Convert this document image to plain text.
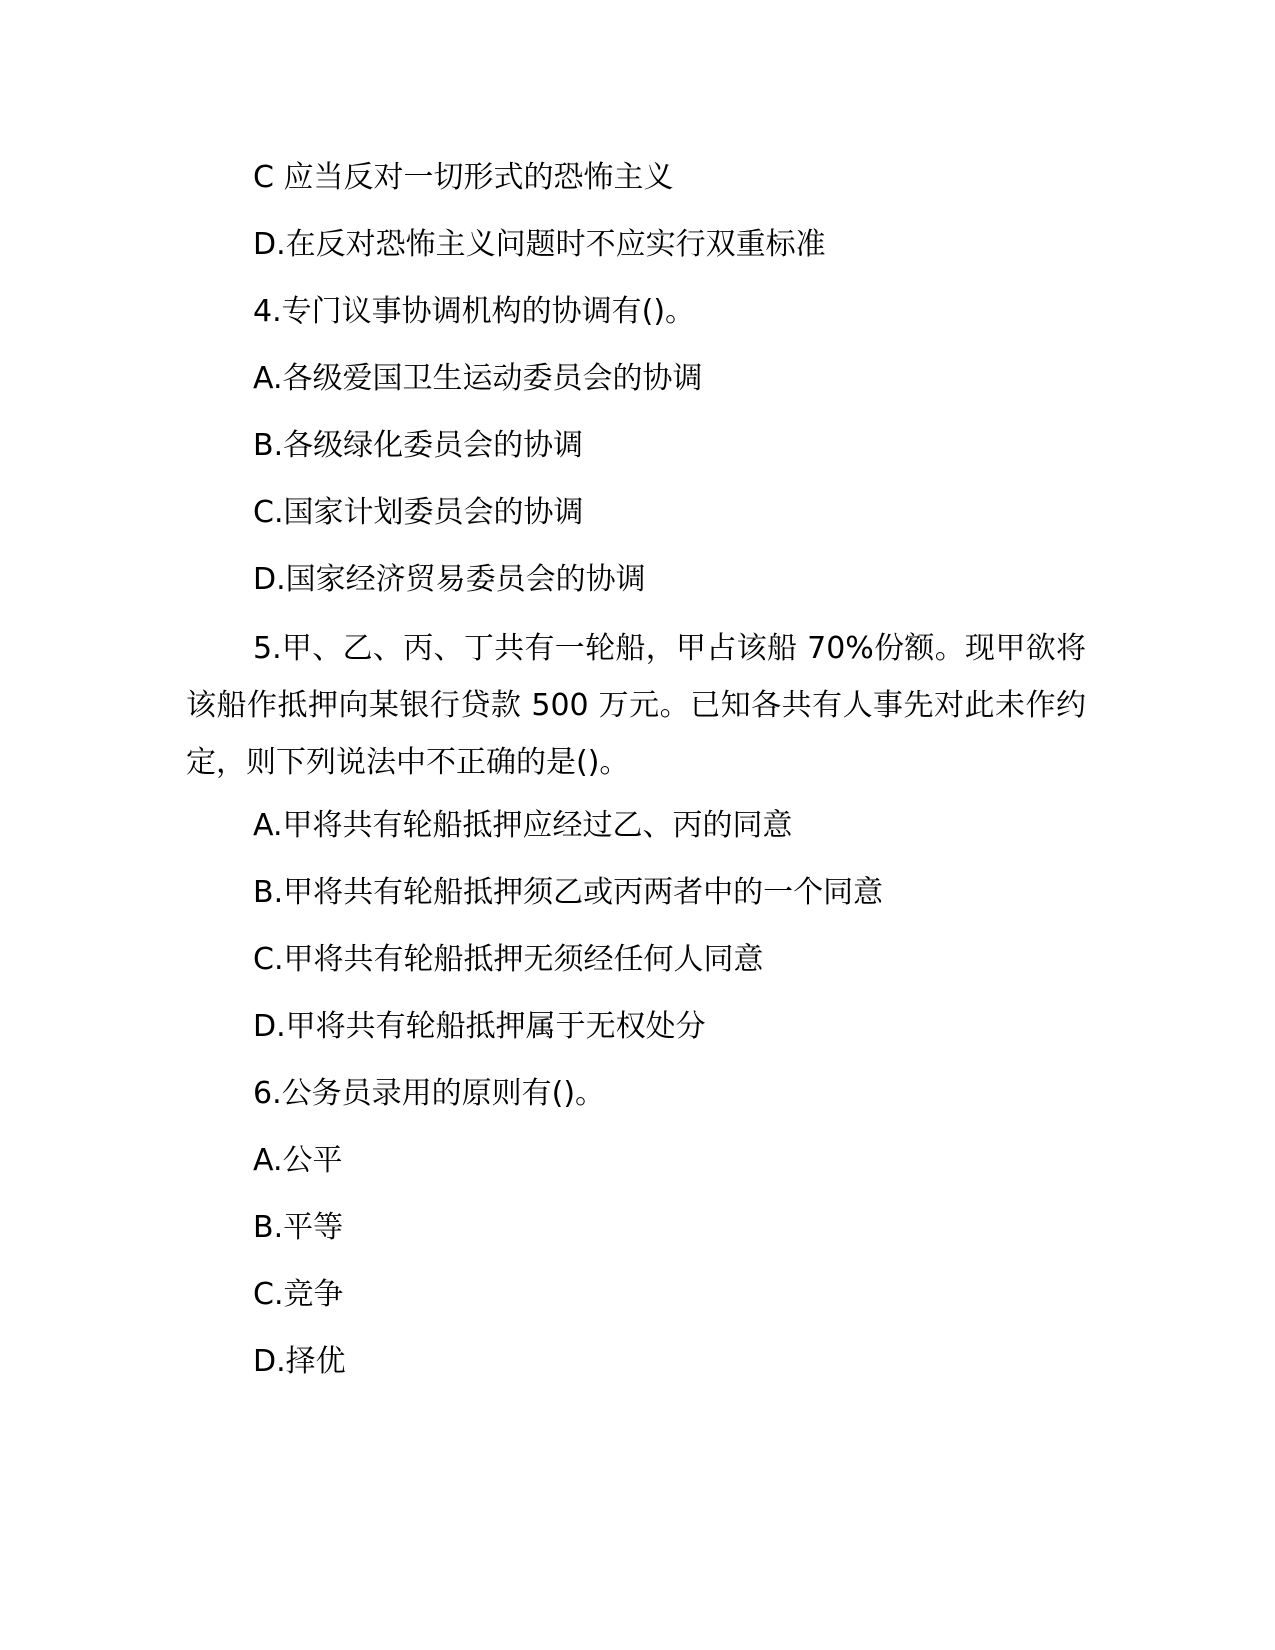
C 应当反对一切形式的恐怖主义

D.在反对恐怖主义问题时不应实行双重标准

4.专门议事协调机构的协调有()。

A.各级爱国卫生运动委员会的协调

B.各级绿化委员会的协调

C.国家计划委员会的协调

D.国家经济贸易委员会的协调

5.甲、乙、丙、丁共有一轮船，甲占该船 70%份额。现甲欲将该船作抵押向某银行贷款 500 万元。已知各共有人事先对此未作约定，则下列说法中不正确的是()。

A.甲将共有轮船抵押应经过乙、丙的同意

B.甲将共有轮船抵押须乙或丙两者中的一个同意

C.甲将共有轮船抵押无须经任何人同意

D.甲将共有轮船抵押属于无权处分

6.公务员录用的原则有()。

A.公平

B.平等

C.竞争

D.择优
